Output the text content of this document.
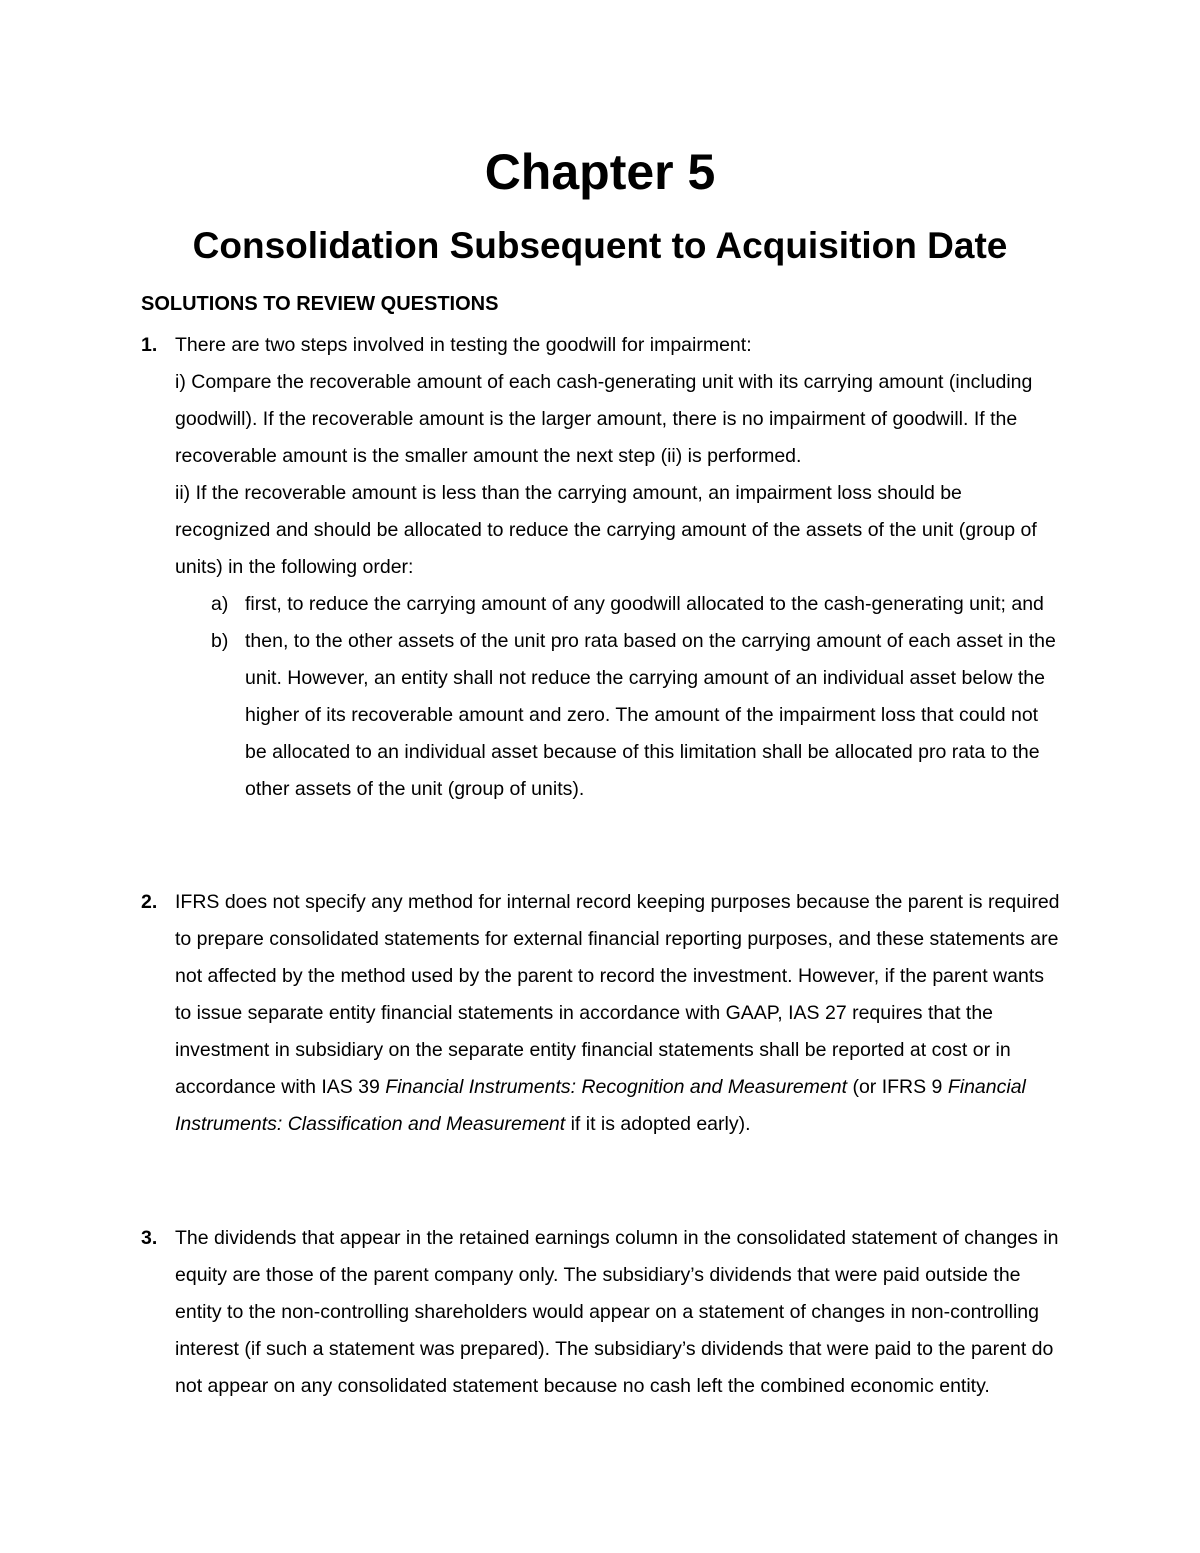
Chapter 5
Consolidation Subsequent to Acquisition Date
SOLUTIONS TO REVIEW QUESTIONS
1. There are two steps involved in testing the goodwill for impairment:

i) Compare the recoverable amount of each cash-generating unit with its carrying amount (including goodwill). If the recoverable amount is the larger amount, there is no impairment of goodwill. If the recoverable amount is the smaller amount the next step (ii) is performed.

ii) If the recoverable amount is less than the carrying amount, an impairment loss should be recognized and should be allocated to reduce the carrying amount of the assets of the unit (group of units) in the following order:

a) first, to reduce the carrying amount of any goodwill allocated to the cash-generating unit; and
b) then, to the other assets of the unit pro rata based on the carrying amount of each asset in the unit. However, an entity shall not reduce the carrying amount of an individual asset below the higher of its recoverable amount and zero. The amount of the impairment loss that could not be allocated to an individual asset because of this limitation shall be allocated pro rata to the other assets of the unit (group of units).
2. IFRS does not specify any method for internal record keeping purposes because the parent is required to prepare consolidated statements for external financial reporting purposes, and these statements are not affected by the method used by the parent to record the investment. However, if the parent wants to issue separate entity financial statements in accordance with GAAP, IAS 27 requires that the investment in subsidiary on the separate entity financial statements shall be reported at cost or in accordance with IAS 39 Financial Instruments: Recognition and Measurement (or IFRS 9 Financial Instruments: Classification and Measurement if it is adopted early).

3. The dividends that appear in the retained earnings column in the consolidated statement of changes in equity are those of the parent company only. The subsidiary’s dividends that were paid outside the entity to the non-controlling shareholders would appear on a statement of changes in non-controlling interest (if such a statement was prepared). The subsidiary’s dividends that were paid to the parent do not appear on any consolidated statement because no cash left the combined economic entity.
